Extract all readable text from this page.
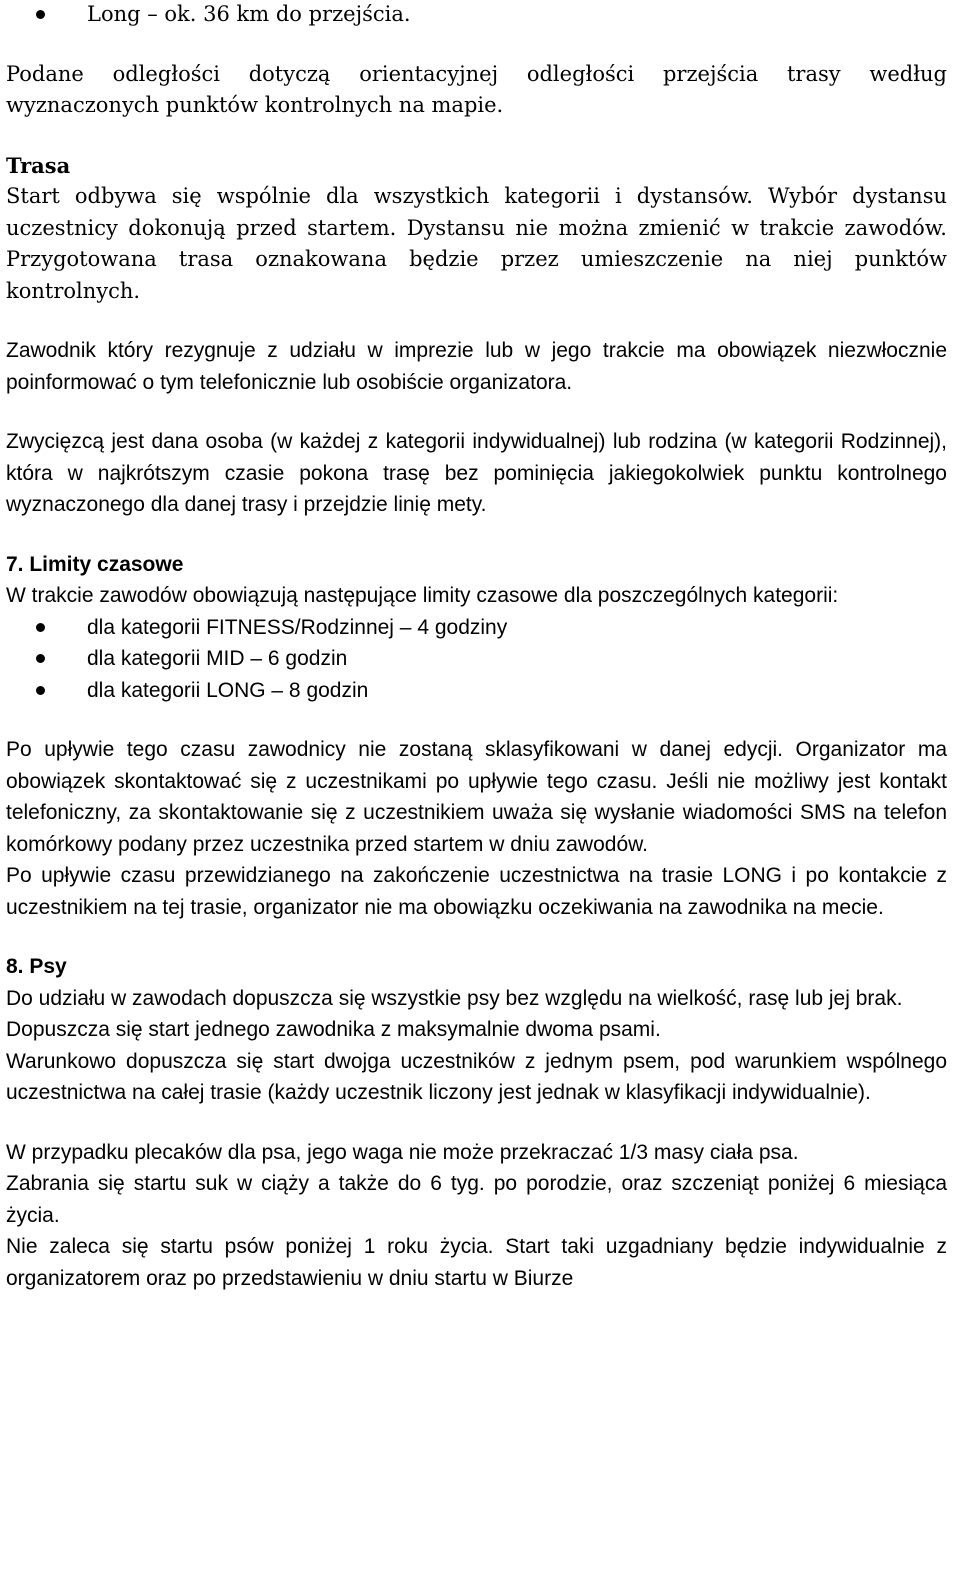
Long – ok. 36 km do przejścia.

Podane odległości dotyczą orientacyjnej odległości przejścia trasy według wyznaczonych punktów kontrolnych na mapie.

Trasa

Start odbywa się wspólnie dla wszystkich kategorii i dystansów. Wybór dystansu uczestnicy dokonują przed startem. Dystansu nie można zmienić w trakcie zawodów. Przygotowana trasa oznakowana będzie przez umieszczenie na niej punktów kontrolnych.

Zawodnik który rezygnuje z udziału w imprezie lub w jego trakcie ma obowiązek niezwłocznie poinformować o tym telefonicznie lub osobiście organizatora.

Zwycięzcą jest dana osoba (w każdej z kategorii indywidualnej) lub rodzina (w kategorii Rodzinnej), która w najkrótszym czasie pokona trasę bez pominięcia jakiegokolwiek punktu kontrolnego wyznaczonego dla danej trasy i przejdzie linię mety.

7. Limity czasowe

W trakcie zawodów obowiązują następujące limity czasowe dla poszczególnych kategorii:

dla kategorii FITNESS/Rodzinnej – 4 godziny
dla kategorii MID – 6 godzin
dla kategorii LONG – 8 godzin

Po upływie tego czasu zawodnicy nie zostaną sklasyfikowani w danej edycji. Organizator ma obowiązek skontaktować się z uczestnikami po upływie tego czasu. Jeśli nie możliwy jest kontakt telefoniczny, za skontaktowanie się z uczestnikiem uważa się wysłanie wiadomości SMS na telefon komórkowy podany przez uczestnika przed startem w dniu zawodów.

Po upływie czasu przewidzianego na zakończenie uczestnictwa na trasie LONG i po kontakcie z uczestnikiem na tej trasie, organizator nie ma obowiązku oczekiwania na zawodnika na mecie.

8. Psy

Do udziału w zawodach dopuszcza się wszystkie psy bez względu na wielkość, rasę lub jej brak.

Dopuszcza się start jednego zawodnika z maksymalnie dwoma psami.

Warunkowo dopuszcza się start dwojga uczestników z jednym psem, pod warunkiem wspólnego uczestnictwa na całej trasie (każdy uczestnik liczony jest jednak w klasyfikacji indywidualnie).

W przypadku plecaków dla psa, jego waga nie może przekraczać 1/3 masy ciała psa.

Zabrania się startu suk w ciąży a także do 6 tyg. po porodzie, oraz szczeniąt poniżej 6 miesiąca życia.

Nie zaleca się startu psów poniżej 1 roku życia. Start taki uzgadniany będzie indywidualnie z organizatorem oraz po przedstawieniu w dniu startu w Biurze
